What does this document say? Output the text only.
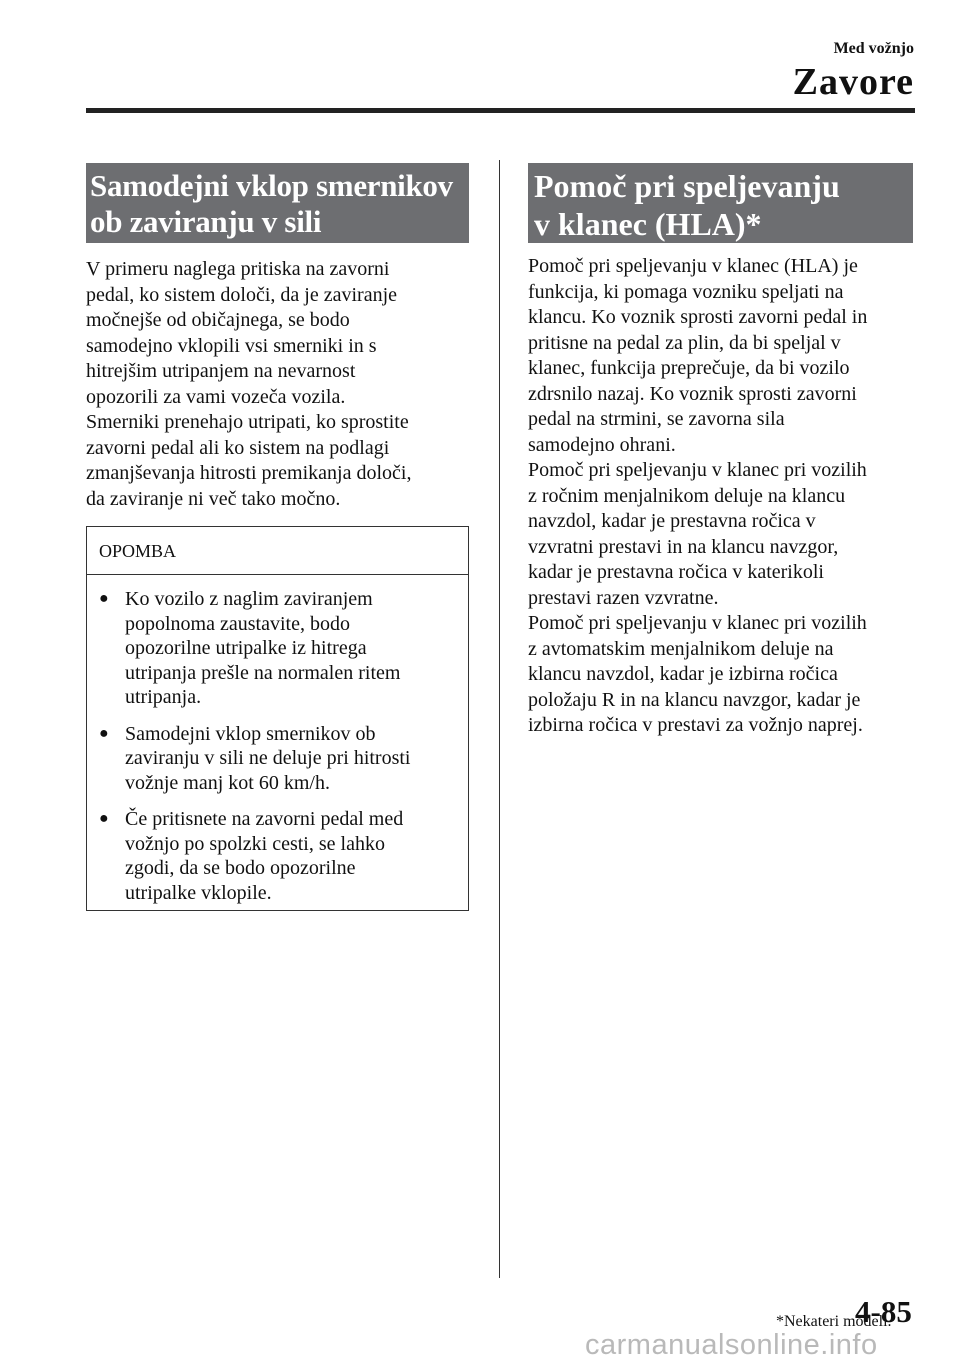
Med vožnjo
Zavore
Samodejni vklop smernikov
ob zaviranju v sili

V primeru naglega pritiska na zavorni
pedal, ko sistem določi, da je zaviranje
močnejše od običajnega, se bodo
samodejno vklopili vsi smerniki in s
hitrejšim utripanjem na nevarnost
opozorili za vami vozeča vozila.
Smerniki prenehajo utripati, ko sprostite
zavorni pedal ali ko sistem na podlagi
zmanjševanja hitrosti premikanja določi,
da zaviranje ni več tako močno.

OPOMBA
● Ko vozilo z naglim zaviranjem
popolnoma zaustavite, bodo
opozorilne utripalke iz hitrega
utripanja prešle na normalen ritem
utripanja.
● Samodejni vklop smernikov ob
zaviranju v sili ne deluje pri hitrosti
vožnje manj kot 60 km/h.
● Če pritisnete na zavorni pedal med
vožnjo po spolzki cesti, se lahko
zgodi, da se bodo opozorilne
utripalke vklopile.
Pomoč pri speljevanju
v klanec (HLA)*

Pomoč pri speljevanju v klanec (HLA) je
funkcija, ki pomaga vozniku speljati na
klancu. Ko voznik sprosti zavorni pedal in
pritisne na pedal za plin, da bi speljal v
klanec, funkcija preprečuje, da bi vozilo
zdrsnilo nazaj. Ko voznik sprosti zavorni
pedal na strmini, se zavorna sila
samodejno ohrani.
Pomoč pri speljevanju v klanec pri vozilih
z ročnim menjalnikom deluje na klancu
navzdol, kadar je prestavna ročica v
vzvratni prestavi in na klancu navzgor,
kadar je prestavna ročica v katerikoli
prestavi razen vzvratne.
Pomoč pri speljevanju v klanec pri vozilih
z avtomatskim menjalnikom deluje na
klancu navzdol, kadar je izbirna ročica
položaju R in na klancu navzgor, kadar je
izbirna ročica v prestavi za vožnjo naprej.

*Nekateri modeli.
4-85
carmanualsonline.info
